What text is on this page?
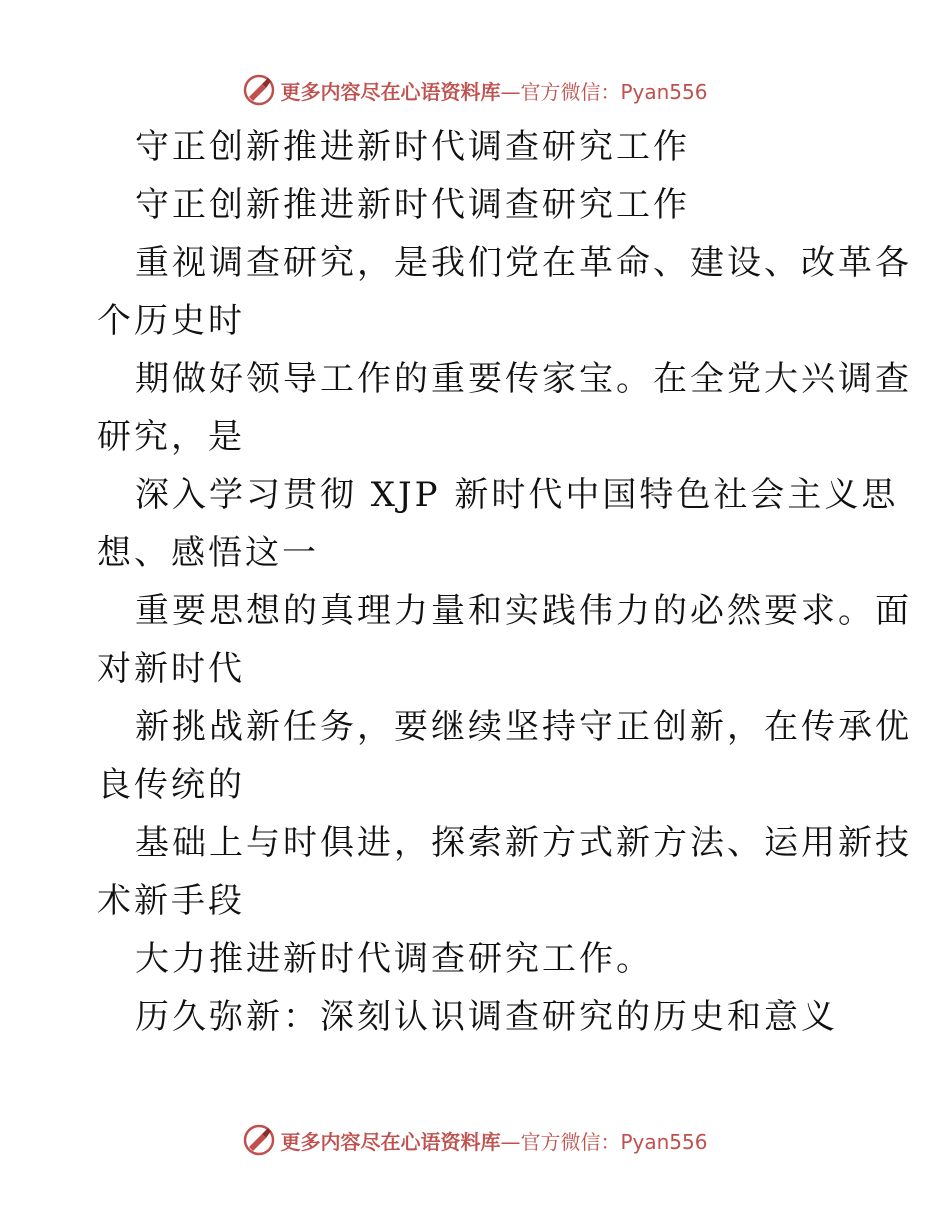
更多内容尽在心语资料库 —官方微信：Pyan556
守正创新推进新时代调查研究工作
守正创新推进新时代调查研究工作
重视调查研究，是我们党在革命、建设、改革各
个历史时
期做好领导工作的重要传家宝。在全党大兴调查
研究，是
深入学习贯彻 XJP 新时代中国特色社会主义思
想、感悟这一
重要思想的真理力量和实践伟力的必然要求。面
对新时代
新挑战新任务，要继续坚持守正创新，在传承优
良传统的
基础上与时俱进，探索新方式新方法、运用新技
术新手段
大力推进新时代调查研究工作。
历久弥新：深刻认识调查研究的历史和意义
更多内容尽在心语资料库 —官方微信：Pyan556
